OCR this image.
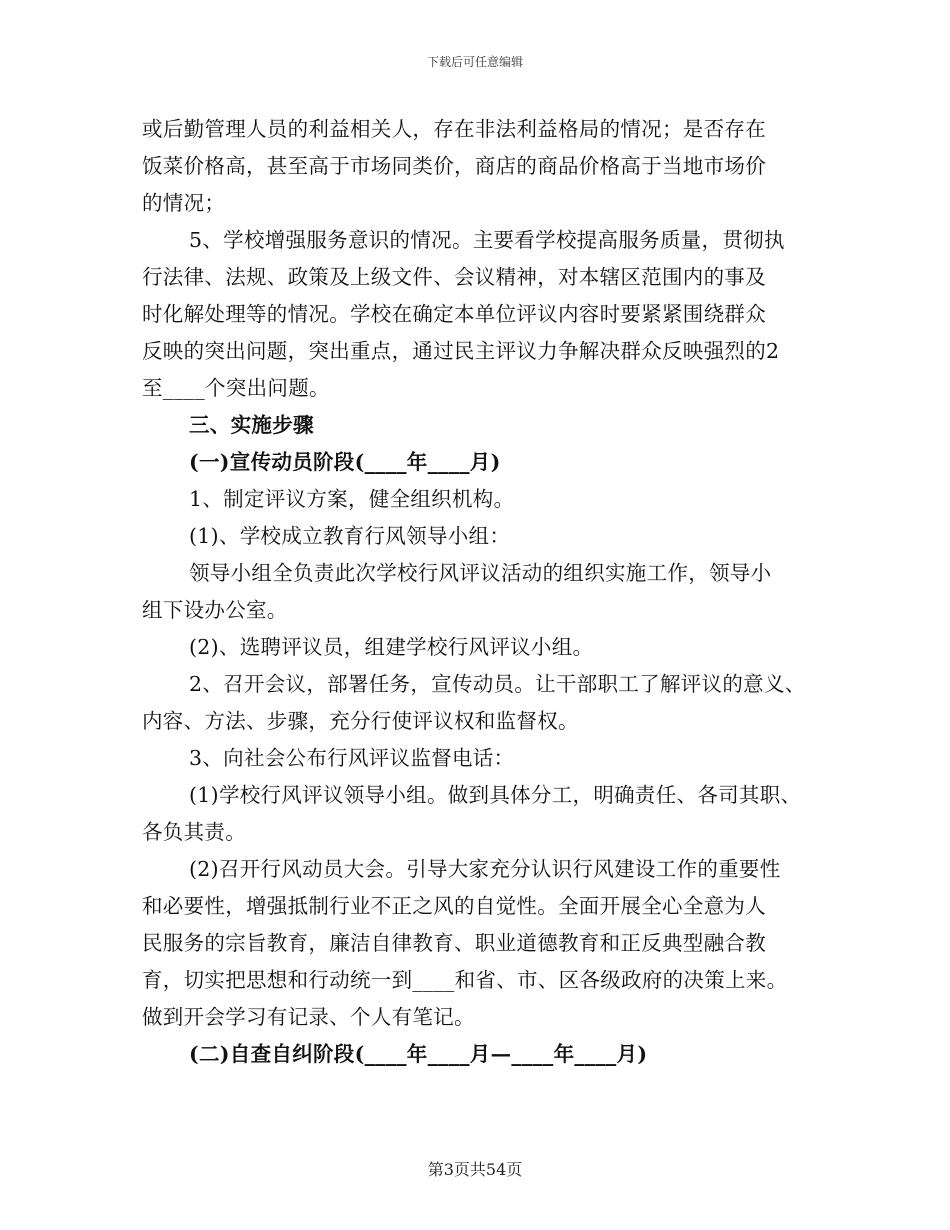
下载后可任意编辑
或后勤管理人员的利益相关人，存在非法利益格局的情况；是否存在
饭菜价格高，甚至高于市场同类价，商店的商品价格高于当地市场价
的情况；
5、学校增强服务意识的情况。主要看学校提高服务质量，贯彻执
行法律、法规、政策及上级文件、会议精神，对本辖区范围内的事及
时化解处理等的情况。学校在确定本单位评议内容时要紧紧围绕群众
反映的突出问题，突出重点，通过民主评议力争解决群众反映强烈的2
至____个突出问题。
三、实施步骤
(一)宣传动员阶段(____年____月)
1、制定评议方案，健全组织机构。
(1)、学校成立教育行风领导小组：
领导小组全负责此次学校行风评议活动的组织实施工作，领导小
组下设办公室。
(2)、选聘评议员，组建学校行风评议小组。
2、召开会议，部署任务，宣传动员。让干部职工了解评议的意义、
内容、方法、步骤，充分行使评议权和监督权。
3、向社会公布行风评议监督电话：
(1)学校行风评议领导小组。做到具体分工，明确责任、各司其职、
各负其责。
(2)召开行风动员大会。引导大家充分认识行风建设工作的重要性
和必要性，增强抵制行业不正之风的自觉性。全面开展全心全意为人
民服务的宗旨教育，廉洁自律教育、职业道德教育和正反典型融合教
育，切实把思想和行动统一到____和省、市、区各级政府的决策上来。
做到开会学习有记录、个人有笔记。
(二)自查自纠阶段(____年____月—____年____月)
第3页共54页
